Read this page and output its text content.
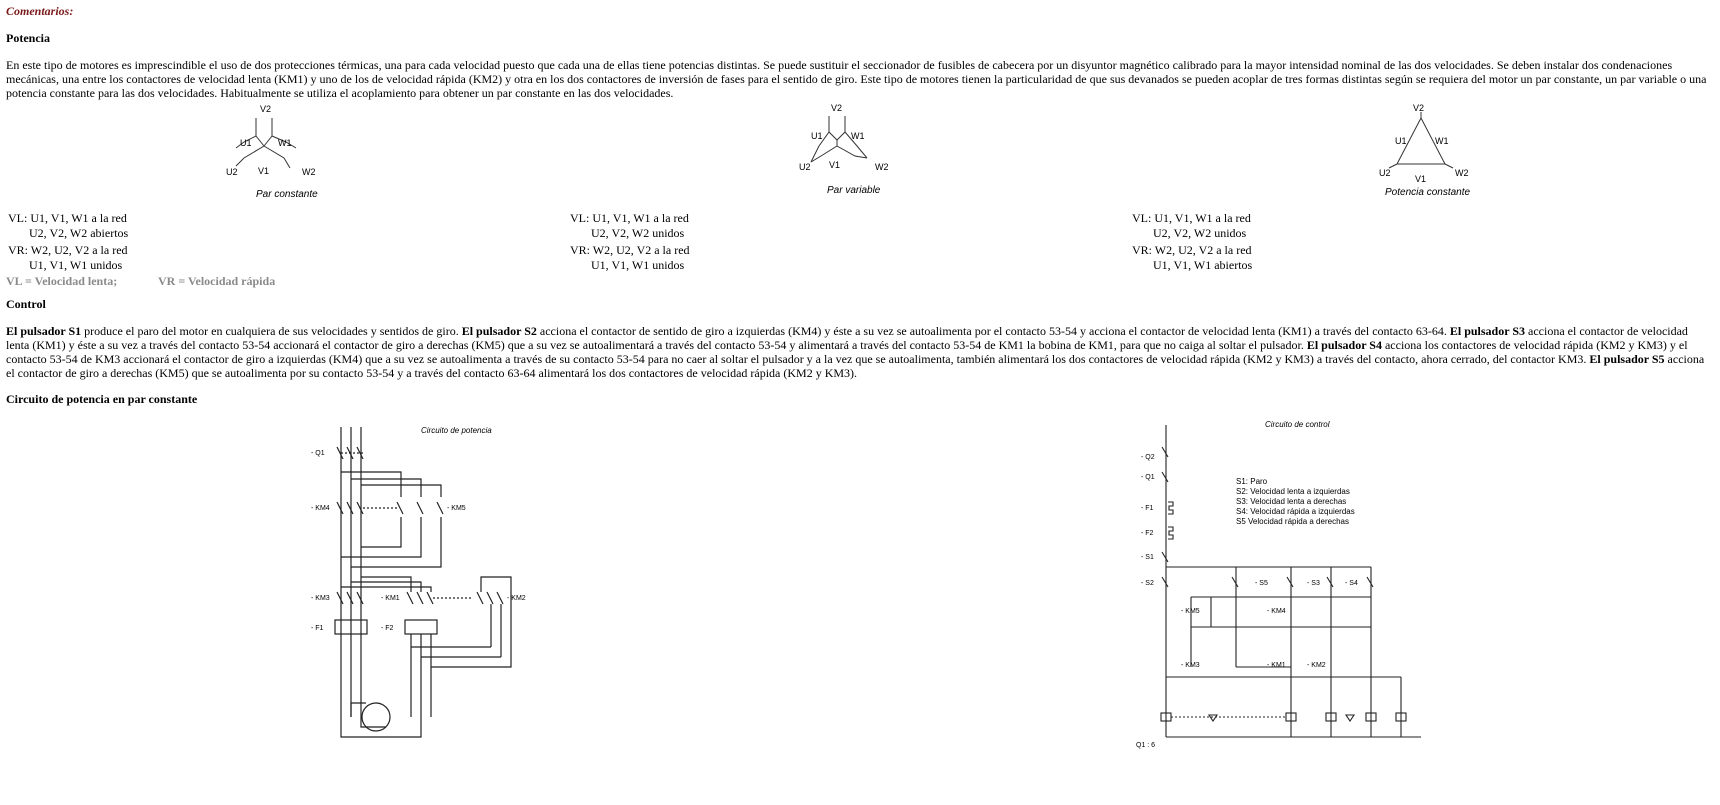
Comentarios:
Potencia
En este tipo de motores es imprescindible el uso de dos protecciones térmicas, una para cada velocidad puesto que cada una de ellas tiene potencias distintas. Se puede sustituir el seccionador de fusibles de cabecera por un disyuntor magnético calibrado para la mayor intensidad nominal de las dos velocidades. Se deben instalar dos condenaciones mecánicas, una entre los contactores de velocidad lenta (KM1) y uno de los de velocidad rápida (KM2) y otra en los dos contactores de inversión de fases para el sentido de giro. Este tipo de motores tienen la particularidad de que sus devanados se pueden acoplar de tres formas distintas según se requiera del motor un par constante, un par variable o una potencia constante para las dos velocidades. Habitualmente se utiliza el acoplamiento para obtener un par constante en las dos velocidades.
V2
U1	W1
U2 V1	W2
Par constante
V2
U1	W1
U2 V1	W2
Par variable
V2
U1	W1
U2
V1
W2
Potencia constante
VL: U1, V1, W1 a la red
U2, V2, W2 abiertos
VR: W2, U2, V2 a la red
U1, V1, W1 unidos
VL: U1, V1, W1 a la red
U2, V2, W2 unidos
VR: W2, U2, V2 a la red
U1, V1, W1 unidos
VL: U1, V1, W1 a la red
U2, V2, W2 unidos
VR: W2, U2, V2 a la red
U1, V1, W1 abiertos
VL = Velocidad lenta;	VR = Velocidad rápida
Control
El pulsador S1 produce el paro del motor en cualquiera de sus velocidades y sentidos de giro. El pulsador S2 acciona el contactor de sentido de giro a izquierdas (KM4) y éste a su vez se autoalimenta por el contacto 53-54 y acciona el contactor de velocidad lenta (KM1) a través del contacto 63-64. El pulsador S3 acciona el contactor de velocidad lenta (KM1) y éste a su vez a través del contacto 53-54 accionará el contactor de giro a derechas (KM5) que a su vez se autoalimentará a través del contacto 53-54 y alimentará a través del contacto 53-54 de KM1 la bobina de KM1, para que no caiga al soltar el pulsador. El pulsador S4 acciona los contactores de velocidad rápida (KM2 y KM3) y el contacto 53-54 de KM3 accionará el contactor de giro a izquierdas (KM4) que a su vez se autoalimenta a través de su contacto 53-54 para no caer al soltar el pulsador y a la vez que se autoalimenta, también alimentará los dos contactores de velocidad rápida (KM2 y KM3) a través del contacto, ahora cerrado, del contactor KM3. El pulsador S5 acciona el contactor de giro a derechas (KM5) que se autoalimenta por su contacto 53-54 y a través del contacto 63-64 alimentará los dos contactores de velocidad rápida (KM2 y KM3).
Circuito de potencia en par constante
Circuito de potencia
- Q1
- KM4	- KM5
- KM3	- KM1	- KM2
- F1	- F2
Circuito de control
S1: Paro
S2: Velocidad lenta a izquierdas
S3: Velocidad lenta a derechas
S4: Velocidad rápida a izquierdas
S5 Velocidad rápida a derechas
- Q2
- Q1
- F1
- F2
- S1
- S2	- S5	- S3	- S4
- KM5	- KM4
- KM3	- KM1	- KM2
Q1 : 6
